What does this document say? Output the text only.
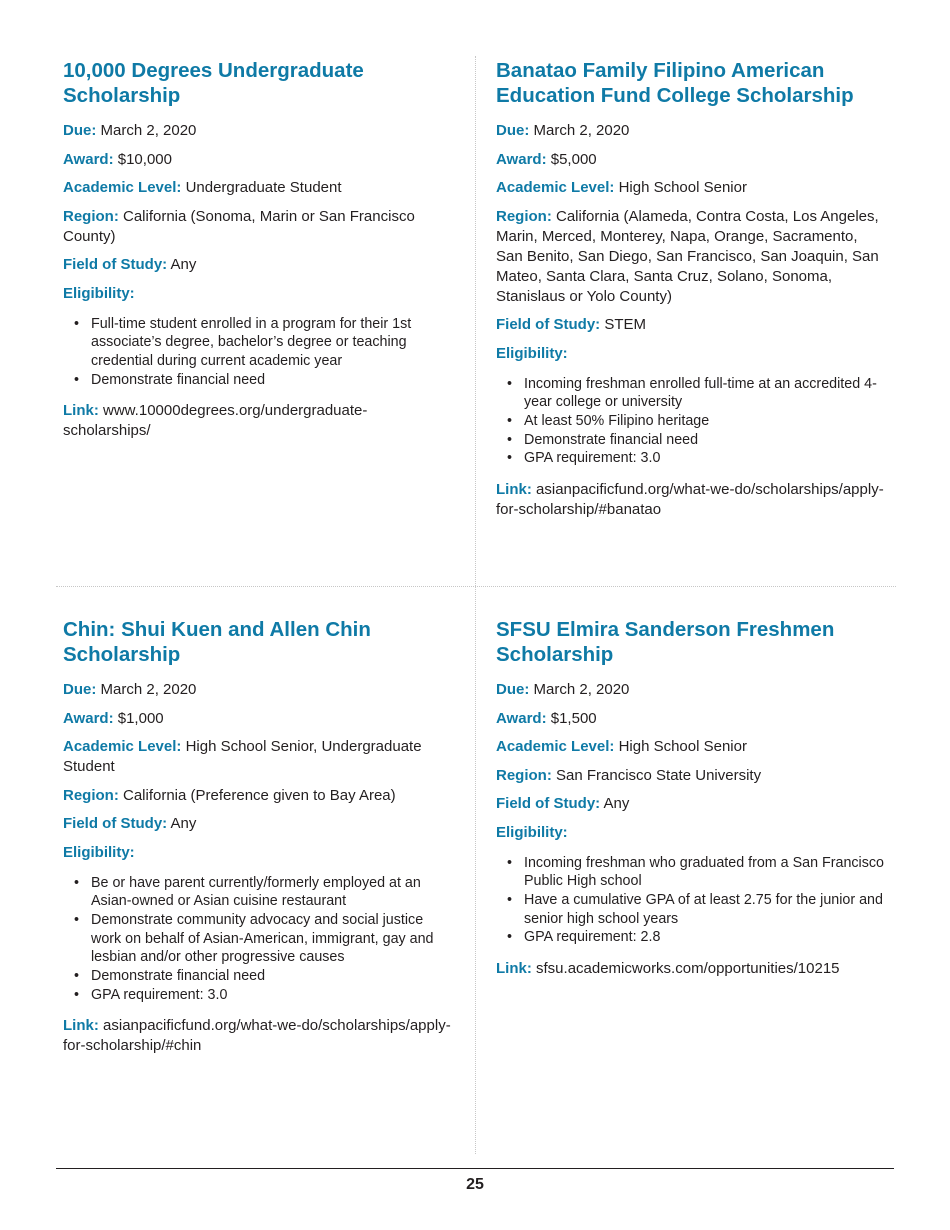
10,000 Degrees Undergraduate Scholarship
Due: March 2, 2020
Award: $10,000
Academic Level: Undergraduate Student
Region: California (Sonoma, Marin or San Francisco County)
Field of Study: Any
Eligibility:
• Full-time student enrolled in a program for their 1st associate’s degree, bachelor’s degree or teaching credential during current academic year
• Demonstrate financial need
Link: www.10000degrees.org/undergraduate-scholarships/
Banatao Family Filipino American Education Fund College Scholarship
Due: March 2, 2020
Award: $5,000
Academic Level: High School Senior
Region: California (Alameda, Contra Costa, Los Angeles, Marin, Merced, Monterey, Napa, Orange, Sacramento, San Benito, San Diego, San Francisco, San Joaquin, San Mateo, Santa Clara, Santa Cruz, Solano, Sonoma, Stanislaus or Yolo County)
Field of Study: STEM
Eligibility:
• Incoming freshman enrolled full-time at an accredited 4-year college or university
• At least 50% Filipino heritage
• Demonstrate financial need
• GPA requirement: 3.0
Link: asianpacificfund.org/what-we-do/scholarships/apply-for-scholarship/#banatao
Chin: Shui Kuen and Allen Chin Scholarship
Due: March 2, 2020
Award: $1,000
Academic Level: High School Senior, Undergraduate Student
Region: California (Preference given to Bay Area)
Field of Study: Any
Eligibility:
• Be or have parent currently/formerly employed at an Asian-owned or Asian cuisine restaurant
• Demonstrate community advocacy and social justice work on behalf of Asian-American, immigrant, gay and lesbian and/or other progressive causes
• Demonstrate financial need
• GPA requirement: 3.0
Link: asianpacificfund.org/what-we-do/scholarships/apply-for-scholarship/#chin
SFSU Elmira Sanderson Freshmen Scholarship
Due: March 2, 2020
Award: $1,500
Academic Level: High School Senior
Region: San Francisco State University
Field of Study: Any
Eligibility:
• Incoming freshman who graduated from a San Francisco Public High school
• Have a cumulative GPA of at least 2.75 for the junior and senior high school years
• GPA requirement: 2.8
Link: sfsu.academicworks.com/opportunities/10215
25
